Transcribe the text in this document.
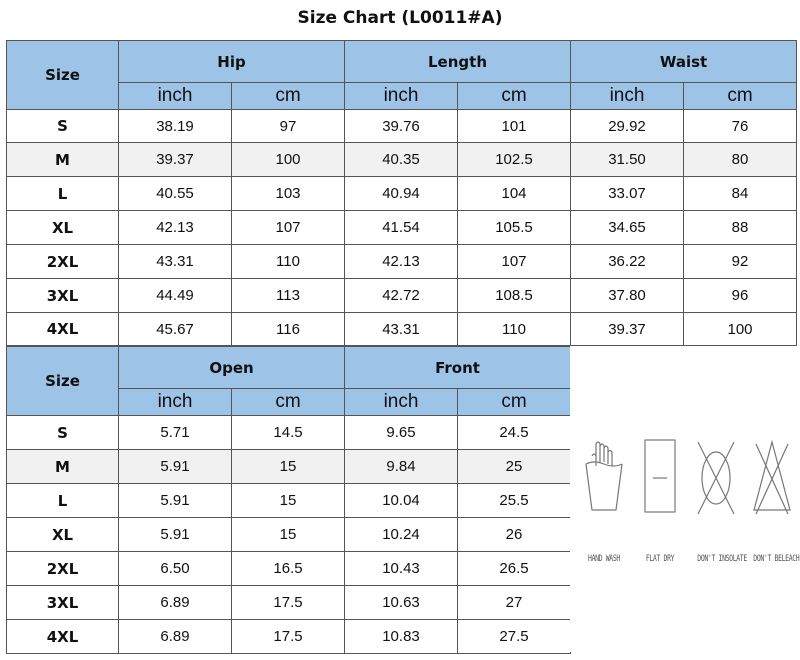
Size Chart (L0011#A)
Size	Hip		Length		Waist	
	inch	cm	inch	cm	inch	cm
S	38.19	97	39.76	101	29.92	76
M	39.37	100	40.35	102.5	31.50	80
L	40.55	103	40.94	104	33.07	84
XL	42.13	107	41.54	105.5	34.65	88
2XL	43.31	110	42.13	107	36.22	92
3XL	44.49	113	42.72	108.5	37.80	96
4XL	45.67	116	43.31	110	39.37	100
Size	Open		Front	
	inch	cm	inch	cm
S	5.71	14.5	9.65	24.5
M	5.91	15	9.84	25
L	5.91	15	10.04	25.5
XL	5.91	15	10.24	26
2XL	6.50	16.5	10.43	26.5
3XL	6.89	17.5	10.63	27
4XL	6.89	17.5	10.83	27.5
HAND WASH	FLAT DRY	DON'T INSOLATE DON'T BELEACH
